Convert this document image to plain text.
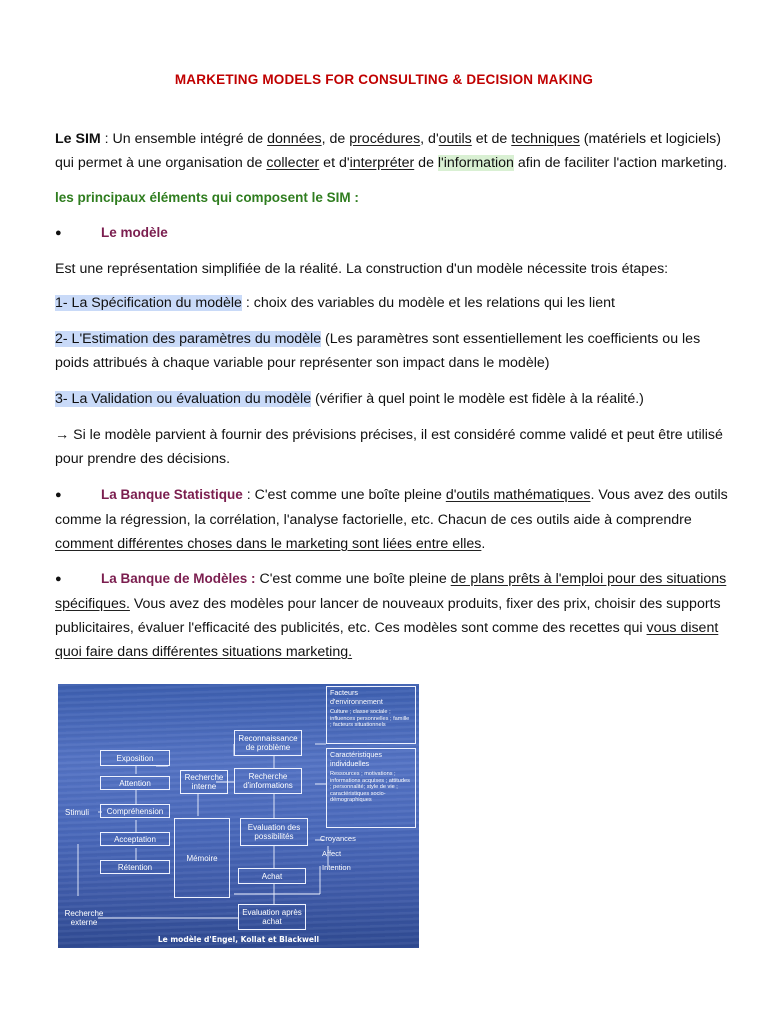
MARKETING MODELS FOR CONSULTING & DECISION MAKING
Le SIM : Un ensemble intégré de données, de procédures, d'outils et de techniques (matériels et logiciels) qui permet à une organisation de collecter et d'interpréter de l'information afin de faciliter l'action marketing.
les principaux éléments qui composent le SIM :
●	Le modèle
Est une représentation simplifiée de la réalité. La construction d'un modèle nécessite trois étapes:
1- La Spécification du modèle : choix des variables du modèle et les relations qui les lient
2- L'Estimation des paramètres du modèle (Les paramètres sont essentiellement les coefficients ou les poids attribués à chaque variable pour représenter son impact dans le modèle)
3- La Validation ou évaluation du modèle (vérifier à quel point le modèle est fidèle à la réalité.)
→ Si le modèle parvient à fournir des prévisions précises, il est considéré comme validé et peut être utilisé pour prendre des décisions.
●	La Banque Statistique : C'est comme une boîte pleine d'outils mathématiques. Vous avez des outils comme la régression, la corrélation, l'analyse factorielle, etc. Chacun de ces outils aide à comprendre comment différentes choses dans le marketing sont liées entre elles.
●	La Banque de Modèles : C'est comme une boîte pleine de plans prêts à l'emploi pour des situations spécifiques. Vous avez des modèles pour lancer de nouveaux produits, fixer des prix, choisir des supports publicitaires, évaluer l'efficacité des publicités, etc. Ces modèles sont comme des recettes qui vous disent quoi faire dans différentes situations marketing.
Stimuli
Exposition
Attention
Compréhension
Acceptation
Rétention
Recherche externe
Recherche interne
Mémoire
Reconnaissance de problème
Recherche d'informations
Evaluation des possibilités
Achat
Evaluation après achat
Croyances
Affect
Intention
Facteurs d'environnement
Culture ; classe sociale ; influences personnelles ; famille ; facteurs situationnels
Caractéristiques individuelles
Ressources ; motivations ; informations acquises ; attitudes ; personnalité; style de vie ; caractéristiques socio-démographiques
Le modèle d'Engel, Kollat et Blackwell
